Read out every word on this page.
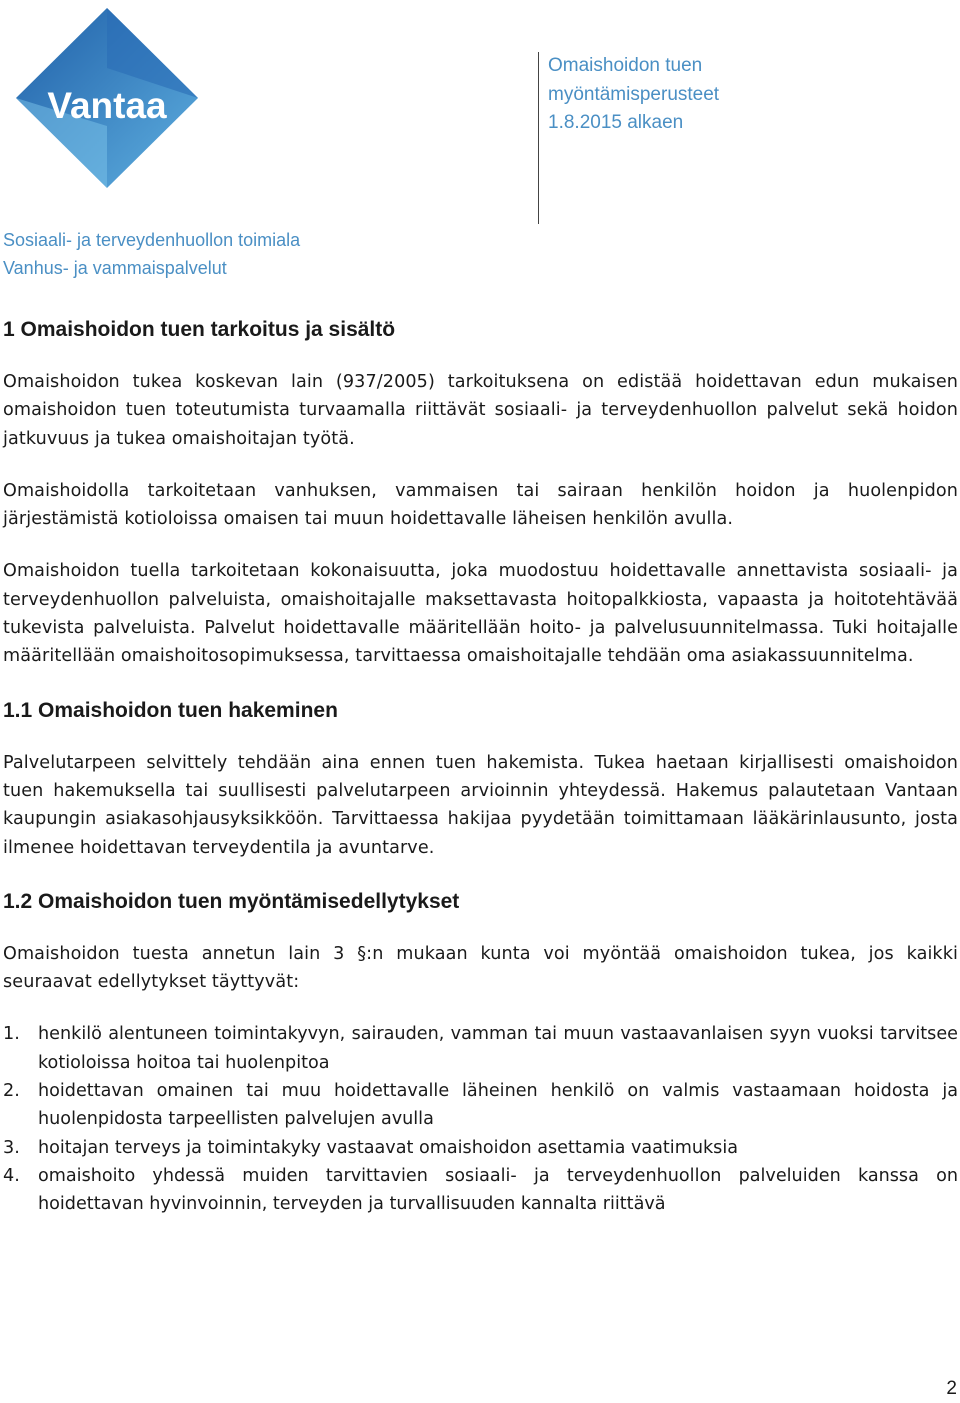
Vantaa
Omaishoidon tuen
myöntämisperusteet
1.8.2015 alkaen
Sosiaali- ja terveydenhuollon toimiala
Vanhus- ja vammaispalvelut
1 Omaishoidon tuen tarkoitus ja sisältö

Omaishoidon tukea koskevan lain (937/2005) tarkoituksena on edistää hoidettavan edun mukaisen omaishoidon tuen toteutumista turvaamalla riittävät sosiaali- ja terveydenhuollon palvelut sekä hoidon jatkuvuus ja tukea omaishoitajan työtä.

Omaishoidolla tarkoitetaan vanhuksen, vammaisen tai sairaan henkilön hoidon ja huolenpidon järjestämistä kotioloissa omaisen tai muun hoidettavalle läheisen henkilön avulla.

Omaishoidon tuella tarkoitetaan kokonaisuutta, joka muodostuu hoidettavalle annettavista sosiaali- ja terveydenhuollon palveluista, omaishoitajalle maksettavasta hoitopalkkiosta, vapaasta ja hoitotehtävää tukevista palveluista. Palvelut hoidettavalle määritellään hoito- ja palvelusuunnitelmassa. Tuki hoitajalle määritellään omaishoitosopimuksessa, tarvittaessa omaishoitajalle tehdään oma asiakassuunnitelma.

1.1 Omaishoidon tuen hakeminen

Palvelutarpeen selvittely tehdään aina ennen tuen hakemista. Tukea haetaan kirjallisesti omaishoidon tuen hakemuksella tai suullisesti palvelutarpeen arvioinnin yhteydessä. Hakemus palautetaan Vantaan kaupungin asiakasohjausyksikköön. Tarvittaessa hakijaa pyydetään toimittamaan lääkärinlausunto, josta ilmenee hoidettavan terveydentila ja avuntarve.

1.2 Omaishoidon tuen myöntämisedellytykset

Omaishoidon tuesta annetun lain 3 §:n mukaan kunta voi myöntää omaishoidon tukea, jos kaikki seuraavat edellytykset täyttyvät:

1. henkilö alentuneen toimintakyvyn, sairauden, vamman tai muun vastaavanlaisen syyn vuoksi tarvitsee kotioloissa hoitoa tai huolenpitoa
2. hoidettavan omainen tai muu hoidettavalle läheinen henkilö on valmis vastaamaan hoidosta ja huolenpidosta tarpeellisten palvelujen avulla
3. hoitajan terveys ja toimintakyky vastaavat omaishoidon asettamia vaatimuksia
4. omaishoito yhdessä muiden tarvittavien sosiaali- ja terveydenhuollon palveluiden kanssa on hoidettavan hyvinvoinnin, terveyden ja turvallisuuden kannalta riittävä
2
